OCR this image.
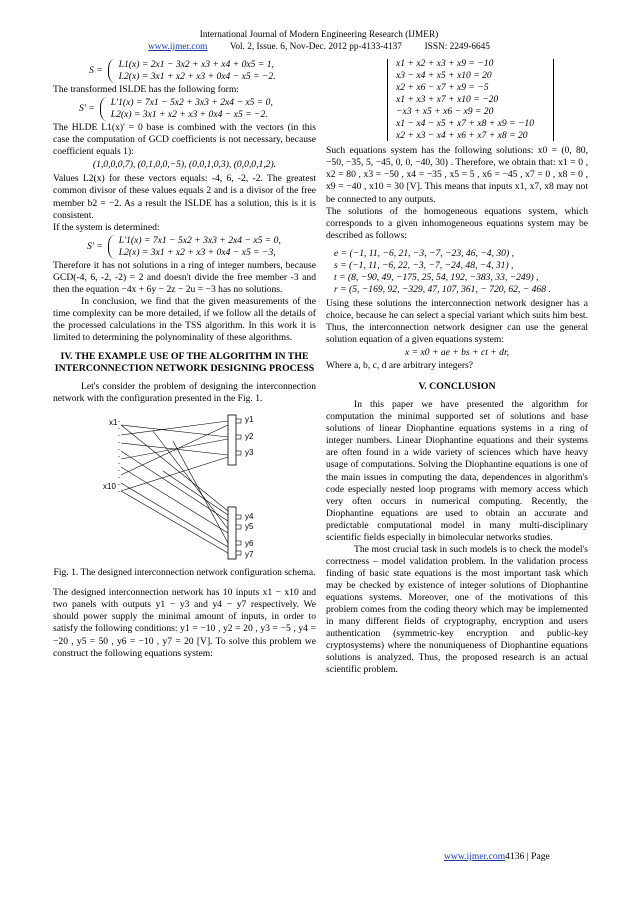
International Journal of Modern Engineering Research (IJMER)
www.ijmer.com Vol. 2, Issue. 6, Nov-Dec. 2012 pp-4133-4137 ISSN: 2249-6645
S =
L1(x) = 2x1 − 3x2 + x3 + x4 + 0x5 = 1,
L2(x) = 3x1 + x2 + x3 + 0x4 − x5 = −2.

The transformed ISLDE has the following form:

S' =
L'1(x) = 7x1 − 5x2 + 3x3 + 2x4 − x5 = 0,
L2(x) = 3x1 + x2 + x3 + 0x4 − x5 = −2.

The HLDE L1(x)' = 0 base is combined with the vectors (in this case the computation of GCD coefficients is not necessary, because coefficient equals 1):

(1,0,0,0,7), (0,1,0,0,−5), (0,0,1,0,3), (0,0,0,1,2).

Values L2(x) for these vectors equals: -4, 6, -2, -2. The greatest common divisor of these values equals 2 and is a divisor of the free member b2 = −2. As a result the ISLDE has a solution, this is it is consistent.

If the system is determined:

S' =
L'1(x) = 7x1 − 5x2 + 3x3 + 2x4 − x5 = 0,
L2(x) = 3x1 + x2 + x3 + 0x4 − x5 = −3,

Therefore it has not solutions in a ring of integer numbers, because GCD(-4, 6, -2, -2) = 2 and doesn't divide the free member -3 and then the equation −4x + 6y − 2z − 2u = −3 has no solutions.

In conclusion, we find that the given measurements of the time complexity can be more detailed, if we follow all the details of the processed calculations in the TSS algorithm. In this work it is limited to determining the polynominality of these algorithms.

IV. THE EXAMPLE USE OF THE ALGORITHM IN THE INTERCONNECTION NETWORK DESIGNING PROCESS

Let's consider the problem of designing the interconnection network with the configuration presented in the Fig. 1.

x1
x10
y1
y2
y3
y4
y5
y6
y7
Fig. 1. The designed interconnection network configuration schema.

The designed interconnection network has 10 inputs x1 − x10 and two panels with outputs y1 − y3 and y4 − y7 respectively. We should power supply the minimal amount of inputs, in order to satisfy the following conditions: y1 = −10 , y2 = 20 , y3 = −5 , y4 = −20 , y5 = 50 , y6 = −10 , y7 = 20 [V]. To solve this problem we construct the following equations system:

x1 + x2 + x3 + x9 = −10
x3 − x4 + x5 + x10 = 20
x2 + x6 − x7 + x9 = −5
x1 + x3 + x7 + x10 = −20
−x3 + x5 + x6 − x9 = 20
x1 − x4 − x5 + x7 + x8 + x9 = −10
x2 + x3 − x4 + x6 + x7 + x8 = 20

Such equations system has the following solutions: x0 = (0, 80, −50, −35, 5, −45, 0, 0, −40, 30) . Therefore, we obtain that: x1 = 0 , x2 = 80 , x3 = −50 , x4 = −35 , x5 = 5 , x6 = −45 , x7 = 0 , x8 = 0 , x9 = −40 , x10 = 30 [V]. This means that inputs x1, x7, x8 may not be connected to any outputs.

The solutions of the homogeneous equations system, which corresponds to a given inhomogeneous equations system may be described as follows:

e = (−1, 11, −6, 21, −3, −7, −23, 46, −4, 30) ,
s = (−1, 11, −6, 22, −3, −7, −24, 48, −4, 31) ,
t = (8, −90, 49, −175, 25, 54, 192, −383, 33, −249) ,
r = (5, −169, 92, −329, 47, 107, 361, − 720, 62, − 468 .

Using these solutions the interconnection network designer has a choice, because he can select a special variant which suits him best. Thus, the interconnection network designer can use the general solution equation of a given equations system:

x = x0 + ae + bs + ct + dr,

Where a, b, c, d are arbitrary integers?

V. CONCLUSION

In this paper we have presented the algorithm for computation the minimal supported set of solutions and base solutions of linear Diophantine equations systems in a ring of integer numbers. Linear Diophantine equations and their systems are often found in a wide variety of sciences which have heavy usage of computations. Solving the Diophantine equations is one of the main issues in computing the data, dependences in algorithm's code especially nested loop programs with memory access which very often occurs in numerical computing. Recently, the Diophantine equations are used to obtain an accurate and predictable computational model in many multi-disciplinary scientific fields especially in bimolecular networks studies.

The most crucial task in such models is to check the model's correctness – model validation problem. In the validation process finding of basic state equations is the most important task which may be checked by existence of integer solutions of Diophantine equations systems. Moreover, one of the motivations of this problem comes from the coding theory which may be implemented in many different fields of cryptography, encryption and users authentication (symmetric-key encryption and public-key cryptosystems) where the nonuniqueness of Diophantine equations solutions is analyzed. Thus, the proposed research is an actual scientific problem.

www.ijmer.com4136 | Page
